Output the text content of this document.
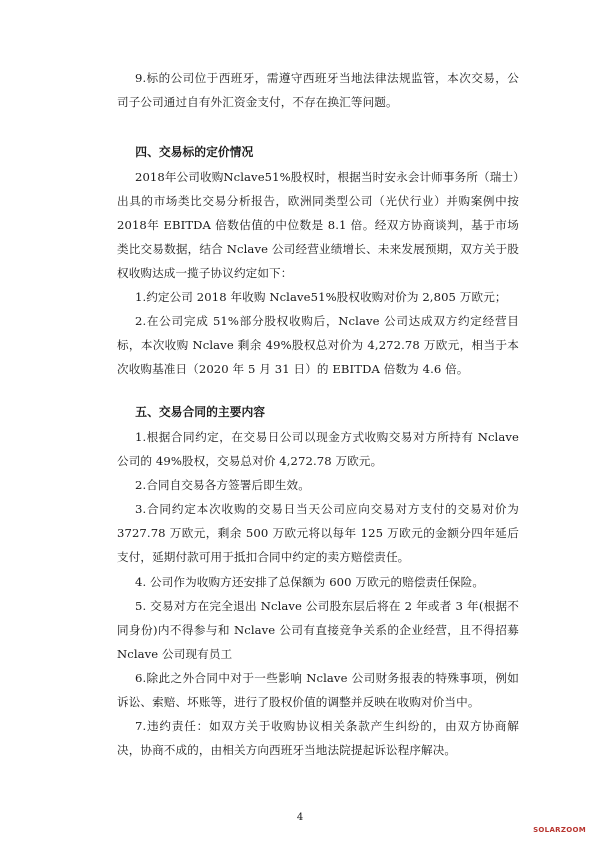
9.标的公司位于西班牙，需遵守西班牙当地法律法规监管，本次交易，公司子公司通过自有外汇资金支付，不存在换汇等问题。

四、交易标的定价情况

2018年公司收购Nclave51%股权时，根据当时安永会计师事务所（瑞士）出具的市场类比交易分析报告，欧洲同类型公司（光伏行业）并购案例中按 2018年 EBITDA 倍数估值的中位数是 8.1 倍。经双方协商谈判，基于市场类比交易数据，结合 Nclave 公司经营业绩增长、未来发展预期，双方关于股权收购达成一揽子协议约定如下：

1.约定公司 2018 年收购 Nclave51%股权收购对价为 2,805 万欧元；

2.在公司完成 51%部分股权收购后，Nclave 公司达成双方约定经营目标，本次收购 Nclave 剩余 49%股权总对价为 4,272.78 万欧元，相当于本次收购基准日（2020 年 5 月 31 日）的 EBITDA 倍数为 4.6 倍。

五、交易合同的主要内容

1.根据合同约定，在交易日公司以现金方式收购交易对方所持有 Nclave 公司的 49%股权，交易总对价 4,272.78 万欧元。

2.合同自交易各方签署后即生效。

3.合同约定本次收购的交易日当天公司应向交易对方支付的交易对价为 3727.78 万欧元，剩余 500 万欧元将以每年 125 万欧元的金额分四年延后支付，延期付款可用于抵扣合同中约定的卖方赔偿责任。

4. 公司作为收购方还安排了总保额为 600 万欧元的赔偿责任保险。

5. 交易对方在完全退出 Nclave 公司股东层后将在 2 年或者 3 年(根据不同身份)内不得参与和 Nclave 公司有直接竞争关系的企业经营，且不得招募 Nclave 公司现有员工

6.除此之外合同中对于一些影响 Nclave 公司财务报表的特殊事项，例如诉讼、索赔、坏账等，进行了股权价值的调整并反映在收购对价当中。

7.违约责任：如双方关于收购协议相关条款产生纠纷的，由双方协商解决，协商不成的，由相关方向西班牙当地法院提起诉讼程序解决。

4
SOLARZOOM
